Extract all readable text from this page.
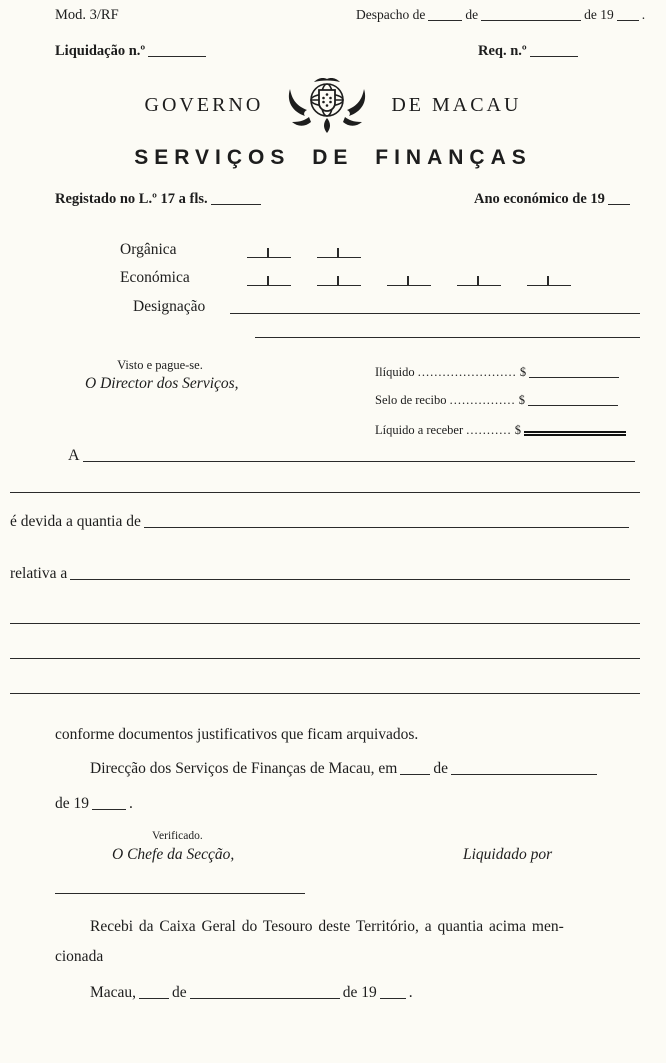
Mod. 3/RF	Despacho de	de	de 19 .
Liquidação n.º	Req. n.º
GOVERNO	DE MACAU
SERVIÇOS DE FINANÇAS
Registado no L.º 17 a fls.	Ano económico de 19
Orgânica
Económica
Designação
Visto e pague-se.
O Director dos Serviços,
Ilíquido ........................ $
Selo de recibo ................ $
Líquido a receber ........... $
A
é devida a quantia de
relativa a
conforme documentos justificativos que ficam arquivados.
Direcção dos Serviços de Finanças de Macau, em de
de 19	.
Verificado.
O Chefe da Secção,	Liquidado por
Recebi da Caixa Geral do Tesouro deste Território, a quantia acima men-
cionada
Macau, de	de 19 .
